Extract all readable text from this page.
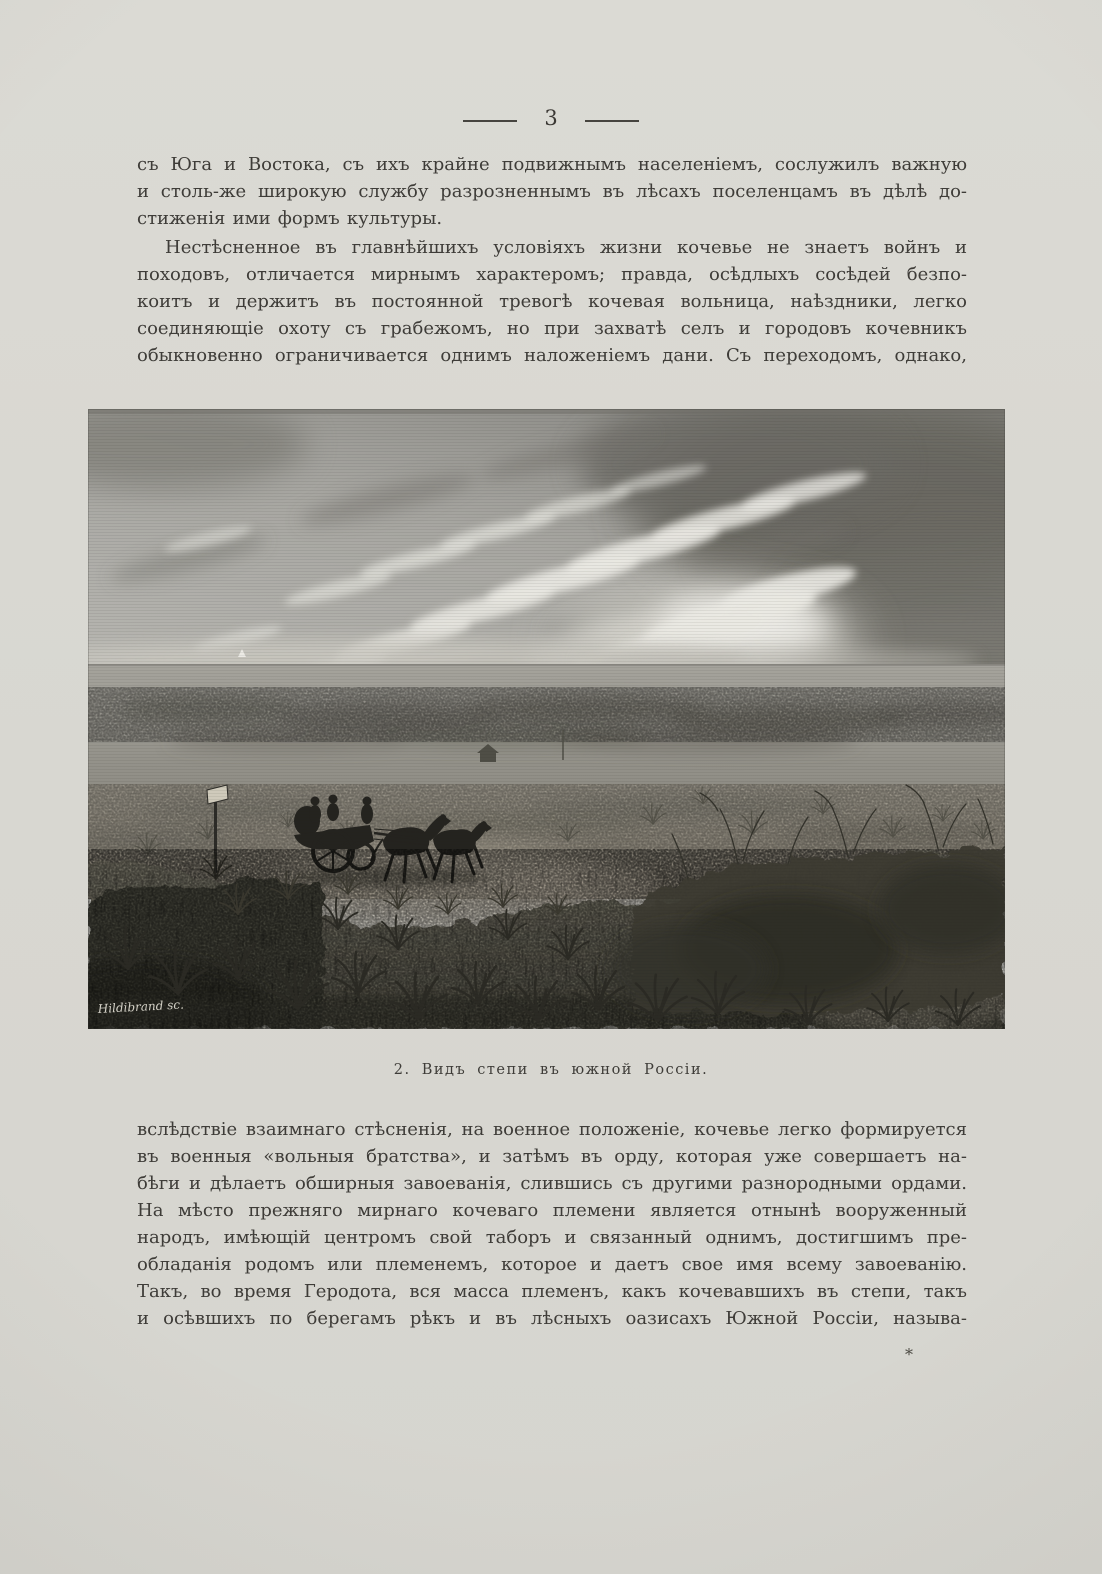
3
съ Юга и Востока, съ ихъ крайне подвижнымъ населеніемъ, сослужилъ важную
и столь-же широкую службу разрозненнымъ въ лѣсахъ поселенцамъ въ дѣлѣ до-
стиженія ими формъ культуры.
Нестѣсненное въ главнѣйшихъ условіяхъ жизни кочевье не знаетъ войнъ и
походовъ, отличается мирнымъ характеромъ; правда, осѣдлыхъ сосѣдей безпо-
коитъ и держитъ въ постоянной тревогѣ кочевая вольница, наѣздники, легко
соединяющіе охоту съ грабежомъ, но при захватѣ селъ и городовъ кочевникъ
обыкновенно ограничивается однимъ наложеніемъ дани. Съ переходомъ, однако,
Hildibrand sc.
GELOT
2. Видъ степи въ южной Россіи.
вслѣдствіе взаимнаго стѣсненія, на военное положеніе, кочевье легко формируется
въ военныя «вольныя братства», и затѣмъ въ орду, которая уже совершаетъ на-
бѣги и дѣлаетъ обширныя завоеванія, слившись съ другими разнородными ордами.
На мѣсто прежняго мирнаго кочеваго племени является отнынѣ вооруженный
народъ, имѣющій центромъ свой таборъ и связанный однимъ, достигшимъ пре-
обладанія родомъ или племенемъ, которое и даетъ свое имя всему завоеванію.
Такъ, во время Геродота, вся масса племенъ, какъ кочевавшихъ въ степи, такъ
и осѣвшихъ по берегамъ рѣкъ и въ лѣсныхъ оазисахъ Южной Россіи, называ-
*
